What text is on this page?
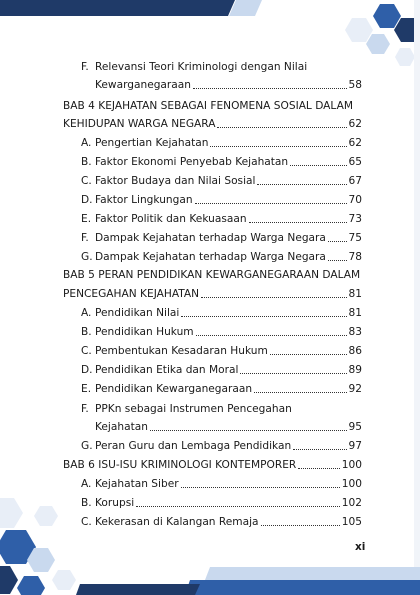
F. Relevansi Teori Kriminologi dengan Nilai
Kewarganegaraan	58
BAB 4 KEJAHATAN SEBAGAI FENOMENA SOSIAL DALAM
KEHIDUPAN WARGA NEGARA	62
A. Pengertian Kejahatan	62
B. Faktor Ekonomi Penyebab Kejahatan	65
C. Faktor Budaya dan Nilai Sosial	67
D. Faktor Lingkungan	70
E. Faktor Politik dan Kekuasaan	73
F. Dampak Kejahatan terhadap Warga Negara 75
G. Dampak Kejahatan terhadap Warga Negara 78
BAB 5 PERAN PENDIDIKAN KEWARGANEGARAAN DALAM
PENCEGAHAN KEJAHATAN	81
A. Pendidikan Nilai	81
B. Pendidikan Hukum	83
C. Pembentukan Kesadaran Hukum	86
D. Pendidikan Etika dan Moral	89
E. Pendidikan Kewarganegaraan	92
F. PPKn sebagai Instrumen Pencegahan
Kejahatan	95
G. Peran Guru dan Lembaga Pendidikan	97
BAB 6 ISU-ISU KRIMINOLOGI KONTEMPORER	100
A. Kejahatan Siber	100
B. Korupsi	102
C. Kekerasan di Kalangan Remaja	105
xi
